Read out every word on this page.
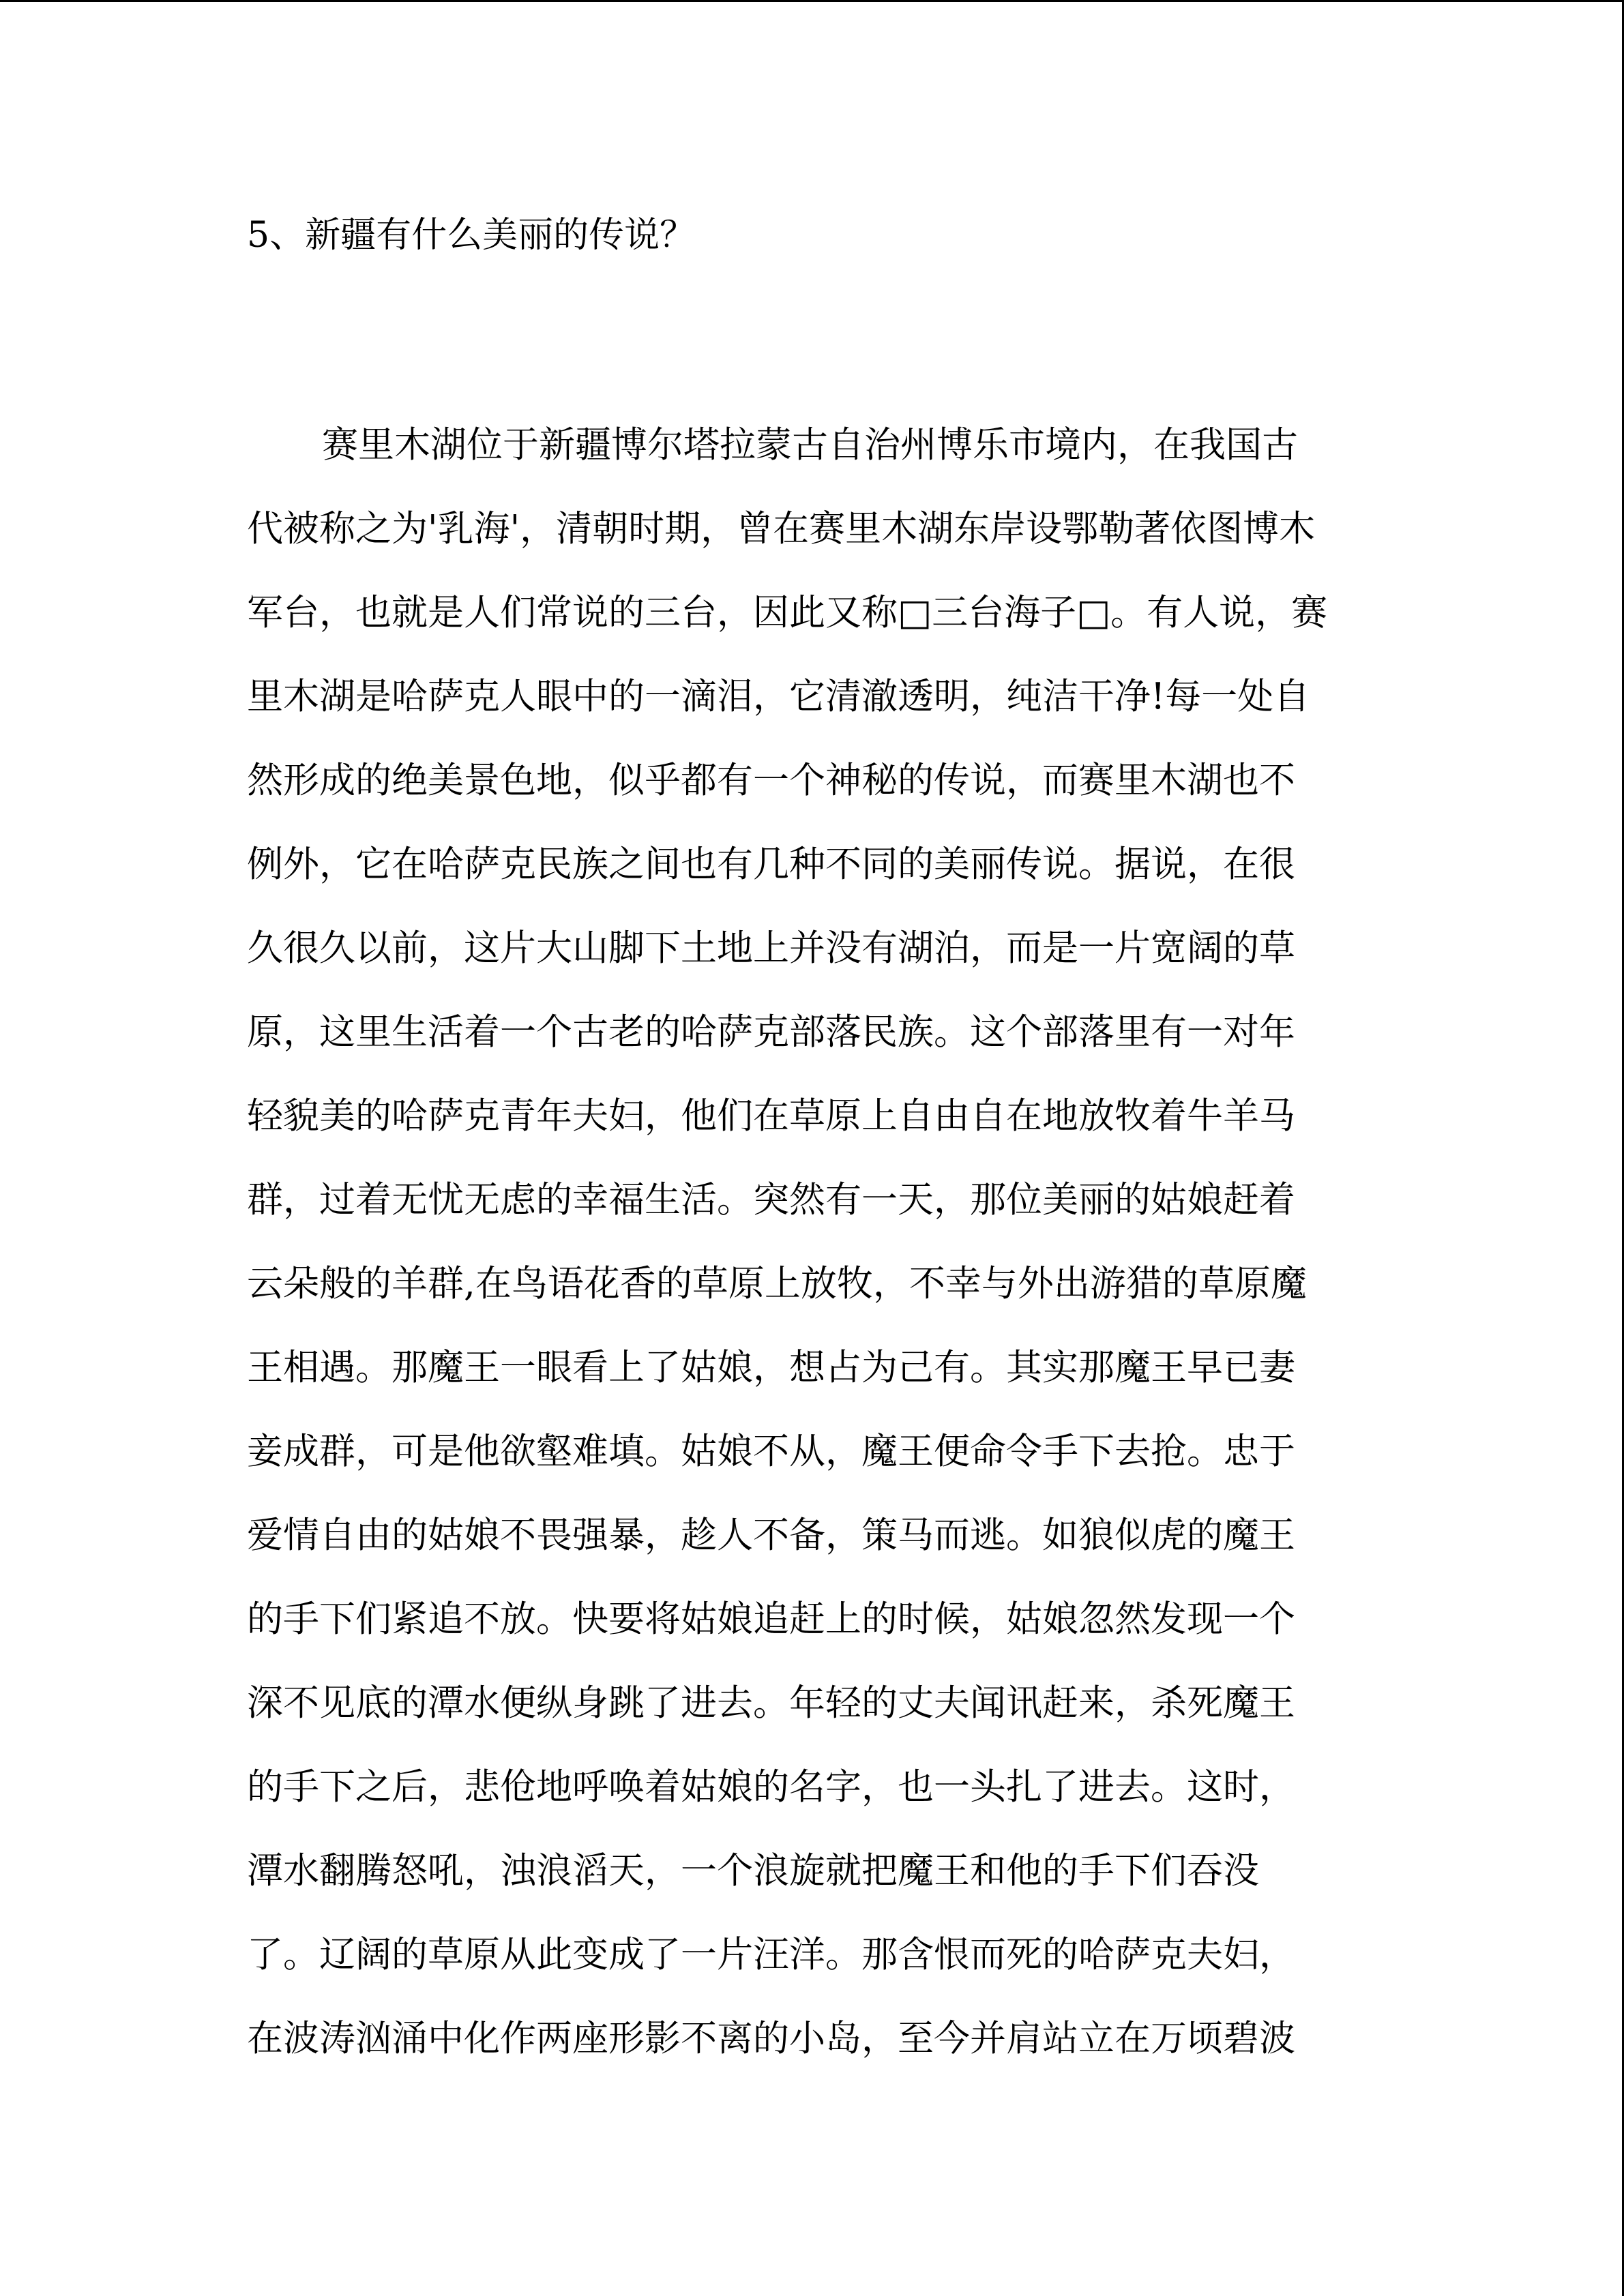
5、新疆有什么美丽的传说？
赛里木湖位于新疆博尔塔拉蒙古自治州博乐市境内，在我国古
代被称之为'乳海'，清朝时期，曾在赛里木湖东岸设鄂勒著依图博木
军台，也就是人们常说的三台，因此又称□三台海子□。有人说，赛
里木湖是哈萨克人眼中的一滴泪，它清澈透明，纯洁干净!每一处自
然形成的绝美景色地，似乎都有一个神秘的传说，而赛里木湖也不
例外，它在哈萨克民族之间也有几种不同的美丽传说。据说，在很
久很久以前，这片大山脚下土地上并没有湖泊，而是一片宽阔的草
原，这里生活着一个古老的哈萨克部落民族。这个部落里有一对年
轻貌美的哈萨克青年夫妇，他们在草原上自由自在地放牧着牛羊马
群，过着无忧无虑的幸福生活。突然有一天，那位美丽的姑娘赶着
云朵般的羊群,在鸟语花香的草原上放牧，不幸与外出游猎的草原魔
王相遇。那魔王一眼看上了姑娘，想占为己有。其实那魔王早已妻
妾成群，可是他欲壑难填。姑娘不从，魔王便命令手下去抢。忠于
爱情自由的姑娘不畏强暴，趁人不备，策马而逃。如狼似虎的魔王
的手下们紧追不放。快要将姑娘追赶上的时候，姑娘忽然发现一个
深不见底的潭水便纵身跳了进去。年轻的丈夫闻讯赶来，杀死魔王
的手下之后，悲伧地呼唤着姑娘的名字，也一头扎了进去。这时，
潭水翻腾怒吼，浊浪滔天，一个浪旋就把魔王和他的手下们吞没
了。辽阔的草原从此变成了一片汪洋。那含恨而死的哈萨克夫妇，
在波涛汹涌中化作两座形影不离的小岛，至今并肩站立在万顷碧波
